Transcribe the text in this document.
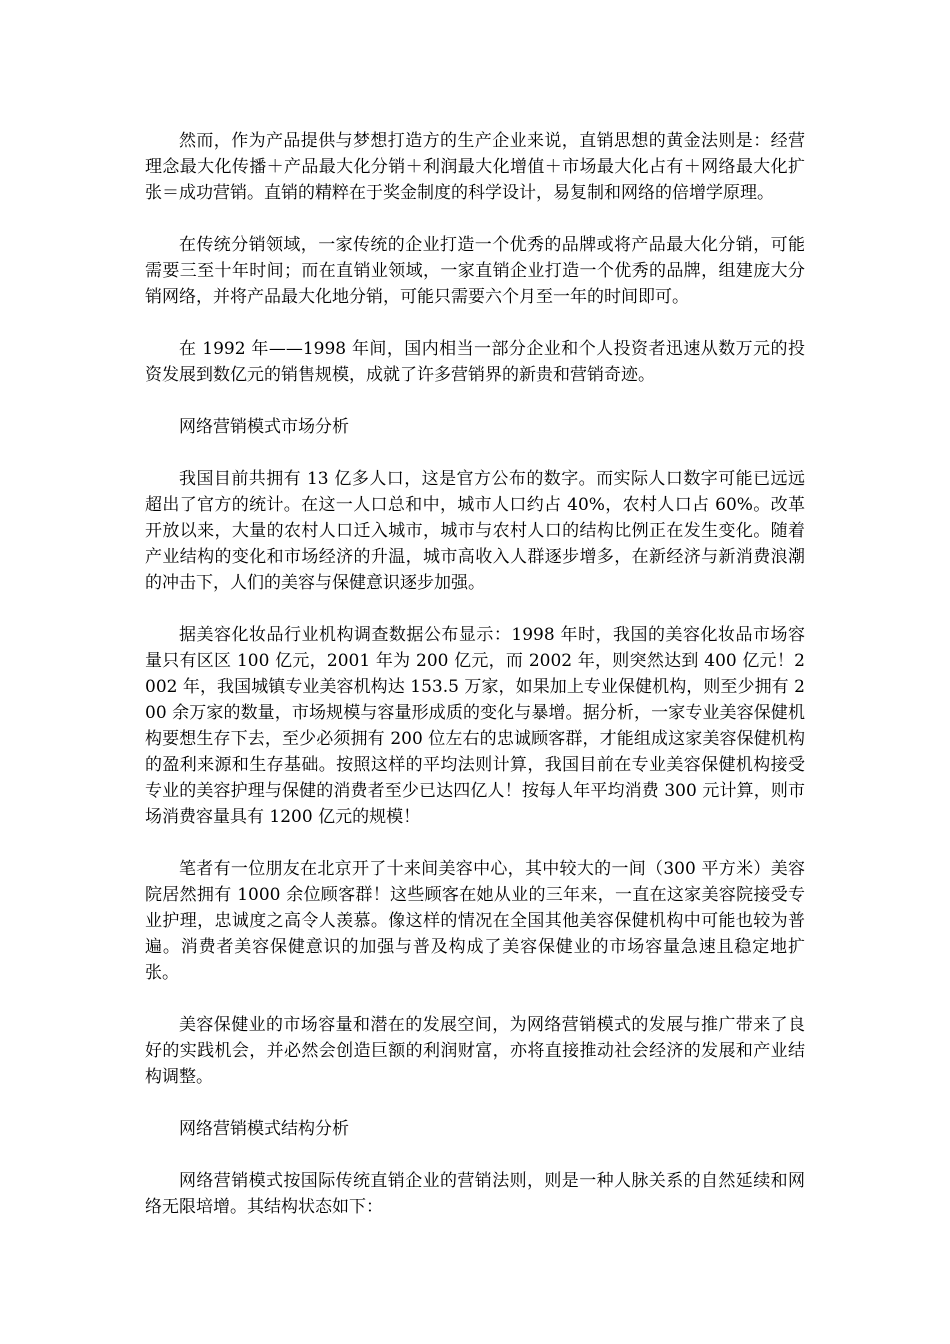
然而，作为产品提供与梦想打造方的生产企业来说，直销思想的黄金法则是：经营理念最大化传播＋产品最大化分销＋利润最大化增值＋市场最大化占有＋网络最大化扩张＝成功营销。直销的精粹在于奖金制度的科学设计，易复制和网络的倍增学原理。

在传统分销领域，一家传统的企业打造一个优秀的品牌或将产品最大化分销，可能需要三至十年时间；而在直销业领域，一家直销企业打造一个优秀的品牌，组建庞大分销网络，并将产品最大化地分销，可能只需要六个月至一年的时间即可。

在 1992 年——1998 年间，国内相当一部分企业和个人投资者迅速从数万元的投资发展到数亿元的销售规模，成就了许多营销界的新贵和营销奇迹。

网络营销模式市场分析

我国目前共拥有 13 亿多人口，这是官方公布的数字。而实际人口数字可能已远远超出了官方的统计。在这一人口总和中，城市人口约占 40%，农村人口占 60%。改革开放以来，大量的农村人口迁入城市，城市与农村人口的结构比例正在发生变化。随着产业结构的变化和市场经济的升温，城市高收入人群逐步增多，在新经济与新消费浪潮的冲击下，人们的美容与保健意识逐步加强。

据美容化妆品行业机构调查数据公布显示：1998 年时，我国的美容化妆品市场容量只有区区 100 亿元，2001 年为 200 亿元，而 2002 年，则突然达到 400 亿元！2002 年，我国城镇专业美容机构达 153.5 万家，如果加上专业保健机构，则至少拥有 200 余万家的数量，市场规模与容量形成质的变化与暴增。据分析，一家专业美容保健机构要想生存下去，至少必须拥有 200 位左右的忠诚顾客群，才能组成这家美容保健机构的盈利来源和生存基础。按照这样的平均法则计算，我国目前在专业美容保健机构接受专业的美容护理与保健的消费者至少已达四亿人！按每人年平均消费 300 元计算，则市场消费容量具有 1200 亿元的规模！

笔者有一位朋友在北京开了十来间美容中心，其中较大的一间（300 平方米）美容院居然拥有 1000 余位顾客群！这些顾客在她从业的三年来，一直在这家美容院接受专业护理，忠诚度之高令人羡慕。像这样的情况在全国其他美容保健机构中可能也较为普遍。消费者美容保健意识的加强与普及构成了美容保健业的市场容量急速且稳定地扩张。

美容保健业的市场容量和潜在的发展空间，为网络营销模式的发展与推广带来了良好的实践机会，并必然会创造巨额的利润财富，亦将直接推动社会经济的发展和产业结构调整。

网络营销模式结构分析

网络营销模式按国际传统直销企业的营销法则，则是一种人脉关系的自然延续和网络无限培增。其结构状态如下：
